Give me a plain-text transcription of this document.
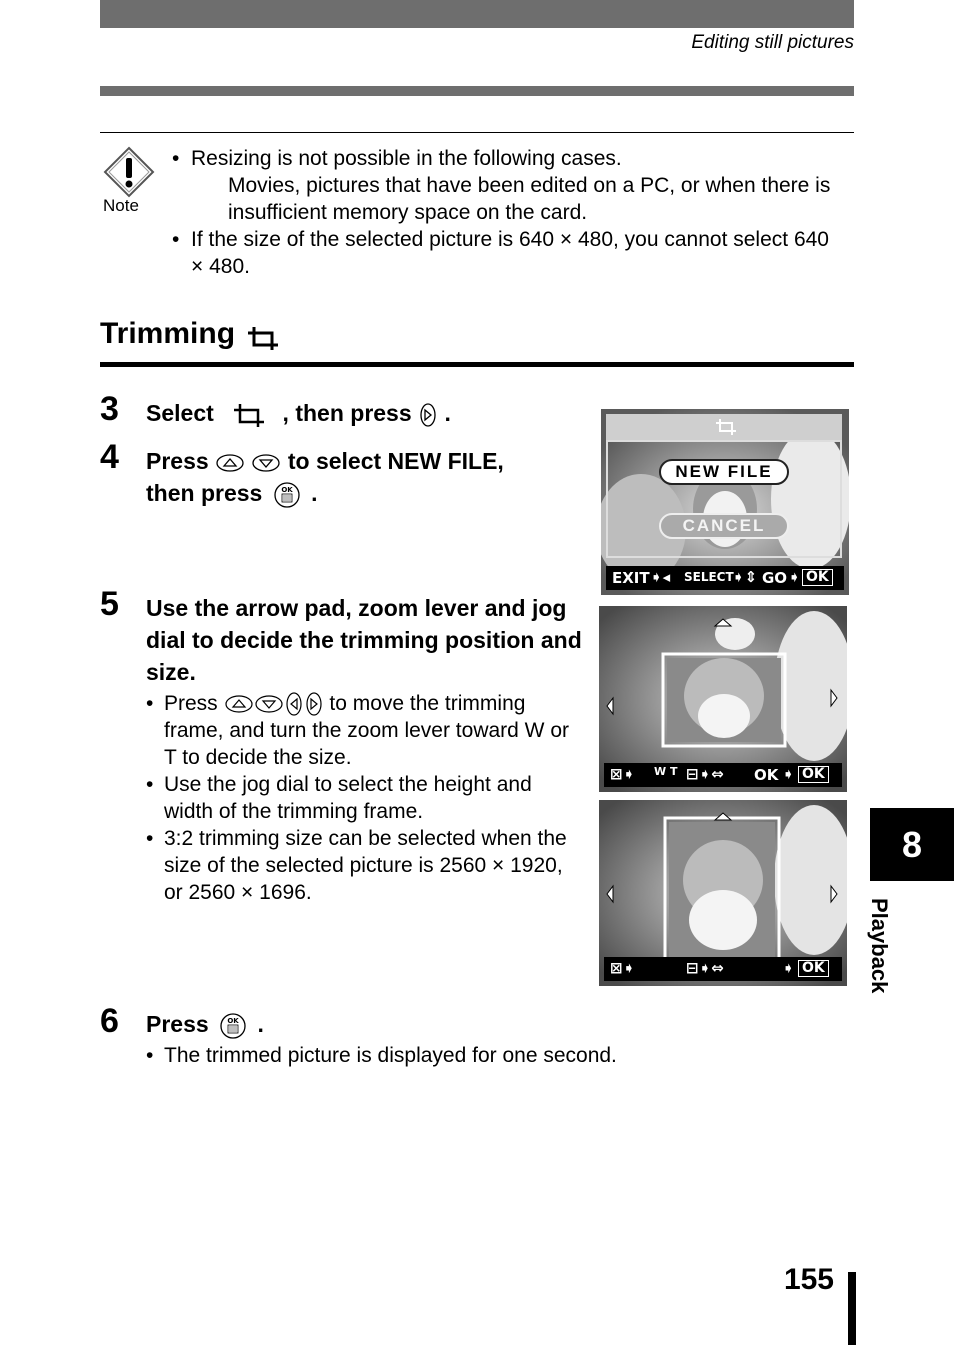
Editing still pictures
Note
• Resizing is not possible in the following cases.
Movies, pictures that have been edited on a PC, or when there is insufficient memory space on the card.
• If the size of the selected picture is 640 × 480, you cannot select 640 × 480.
Trimming
3 Select	, then press .
4 Press	to select NEW FILE,
then press	OK .
5 Use the arrow pad, zoom lever and jog dial to decide the trimming position and size.
• Press	to move the trimming frame, and turn the zoom lever toward W or T to decide the size.
• Use the jog dial to select the height and width of the trimming frame.
• 3:2 trimming size can be selected when the size of the selected picture is 2560 × 1920, or 2560 × 1696.
6 Press	OK .
• The trimmed picture is displayed for one second.
NEW FILE
CANCEL
EXIT ➧◂ SELECT
➧⇕ GO ➧ OK
⊠➧ W T ⊟➧⇔ OK ➧ OK
⊠➧	⊟➧⇔	➧ OK
8
Playback
155
